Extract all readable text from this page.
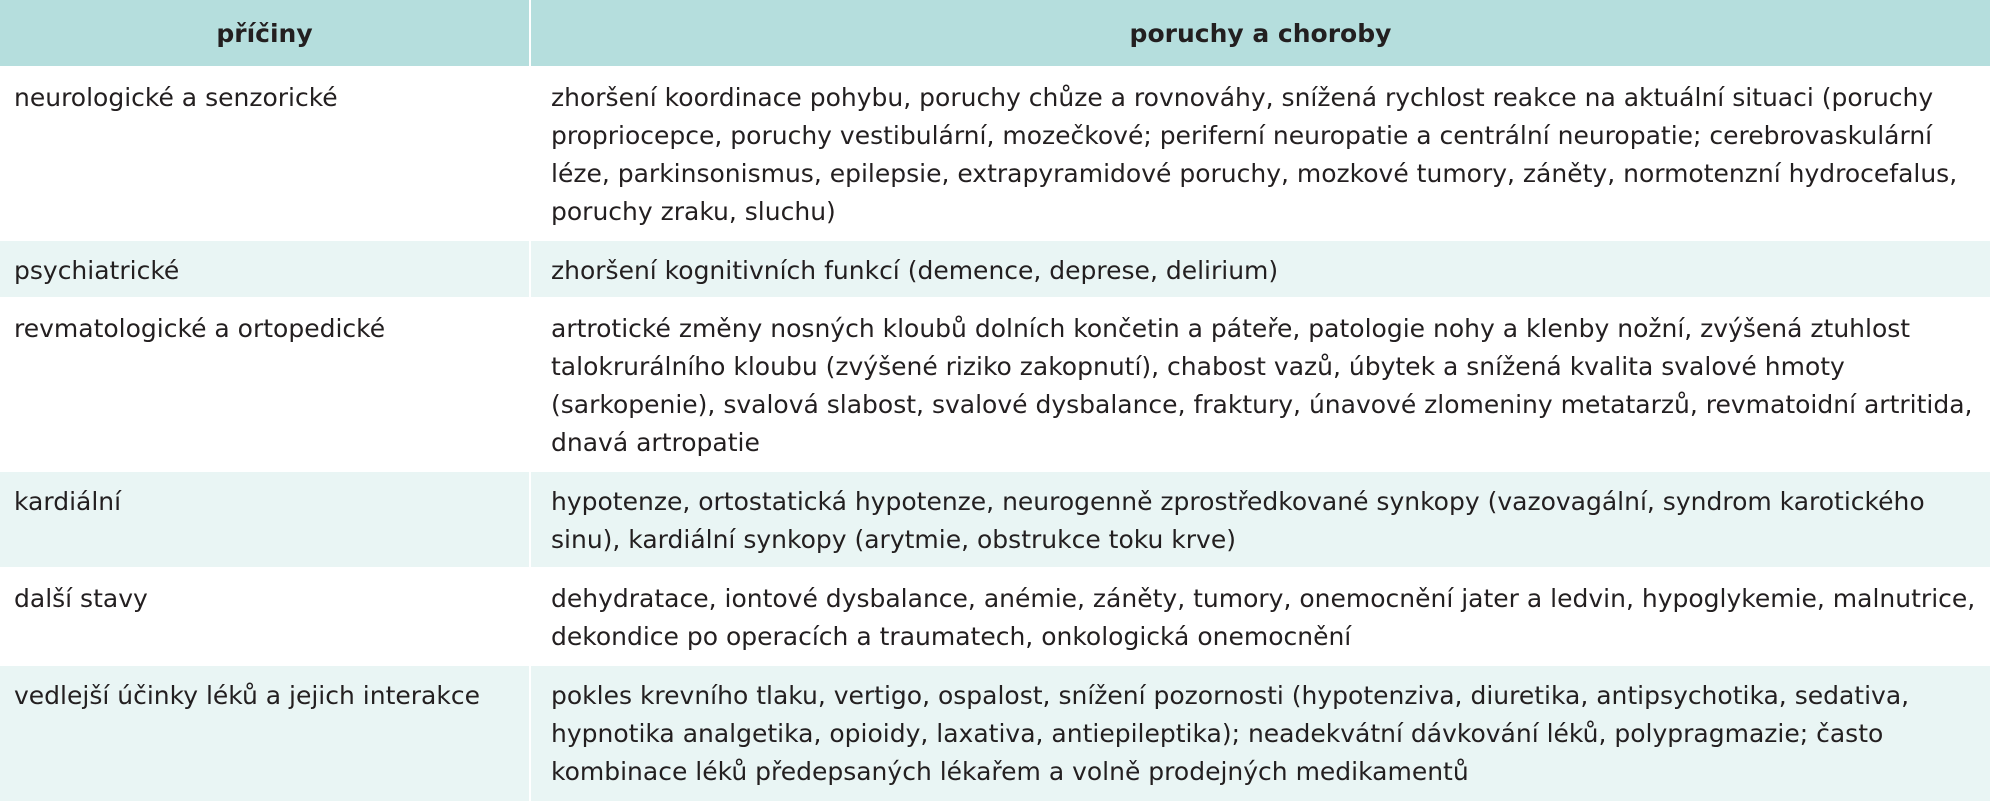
příčiny	poruchy a choroby
neurologické a senzorické	zhoršení koordinace pohybu, poruchy chůze a rovnováhy, snížená rychlost reakce na aktuální situaci (poruchy propriocepce, poruchy vestibulární, mozečkové; periferní neuropatie a centrální neuropatie; cerebrovaskulární léze, parkinsonismus, epilepsie, extrapyramidové poruchy, mozkové tumory, záněty, normotenzní hydrocefalus, poruchy zraku, sluchu)
psychiatrické	zhoršení kognitivních funkcí (demence, deprese, delirium)
revmatologické a ortopedické	artrotické změny nosných kloubů dolních končetin a páteře, patologie nohy a klenby nožní, zvýšená ztuhlost talokrurálního kloubu (zvýšené riziko zakopnutí), chabost vazů, úbytek a snížená kvalita svalové hmoty (sarkopenie), svalová slabost, svalové dysbalance, fraktury, únavové zlomeniny metatarzů, revmatoidní artritida, dnavá artropatie
kardiální	hypotenze, ortostatická hypotenze, neurogenně zprostředkované synkopy (vazovagální, syndrom karotického sinu), kardiální synkopy (arytmie, obstrukce toku krve)
další stavy	dehydratace, iontové dysbalance, anémie, záněty, tumory, onemocnění jater a ledvin, hypoglykemie, malnutrice, dekondice po operacích a traumatech, onkologická onemocnění
vedlejší účinky léků a jejich interakce	pokles krevního tlaku, vertigo, ospalost, snížení pozornosti (hypotenziva, diuretika, antipsychotika, sedativa, hypnotika analgetika, opioidy, laxativa, antiepileptika); neadekvátní dávkování léků, polypragmazie; často kombinace léků předepsaných lékařem a volně prodejných medikamentů
